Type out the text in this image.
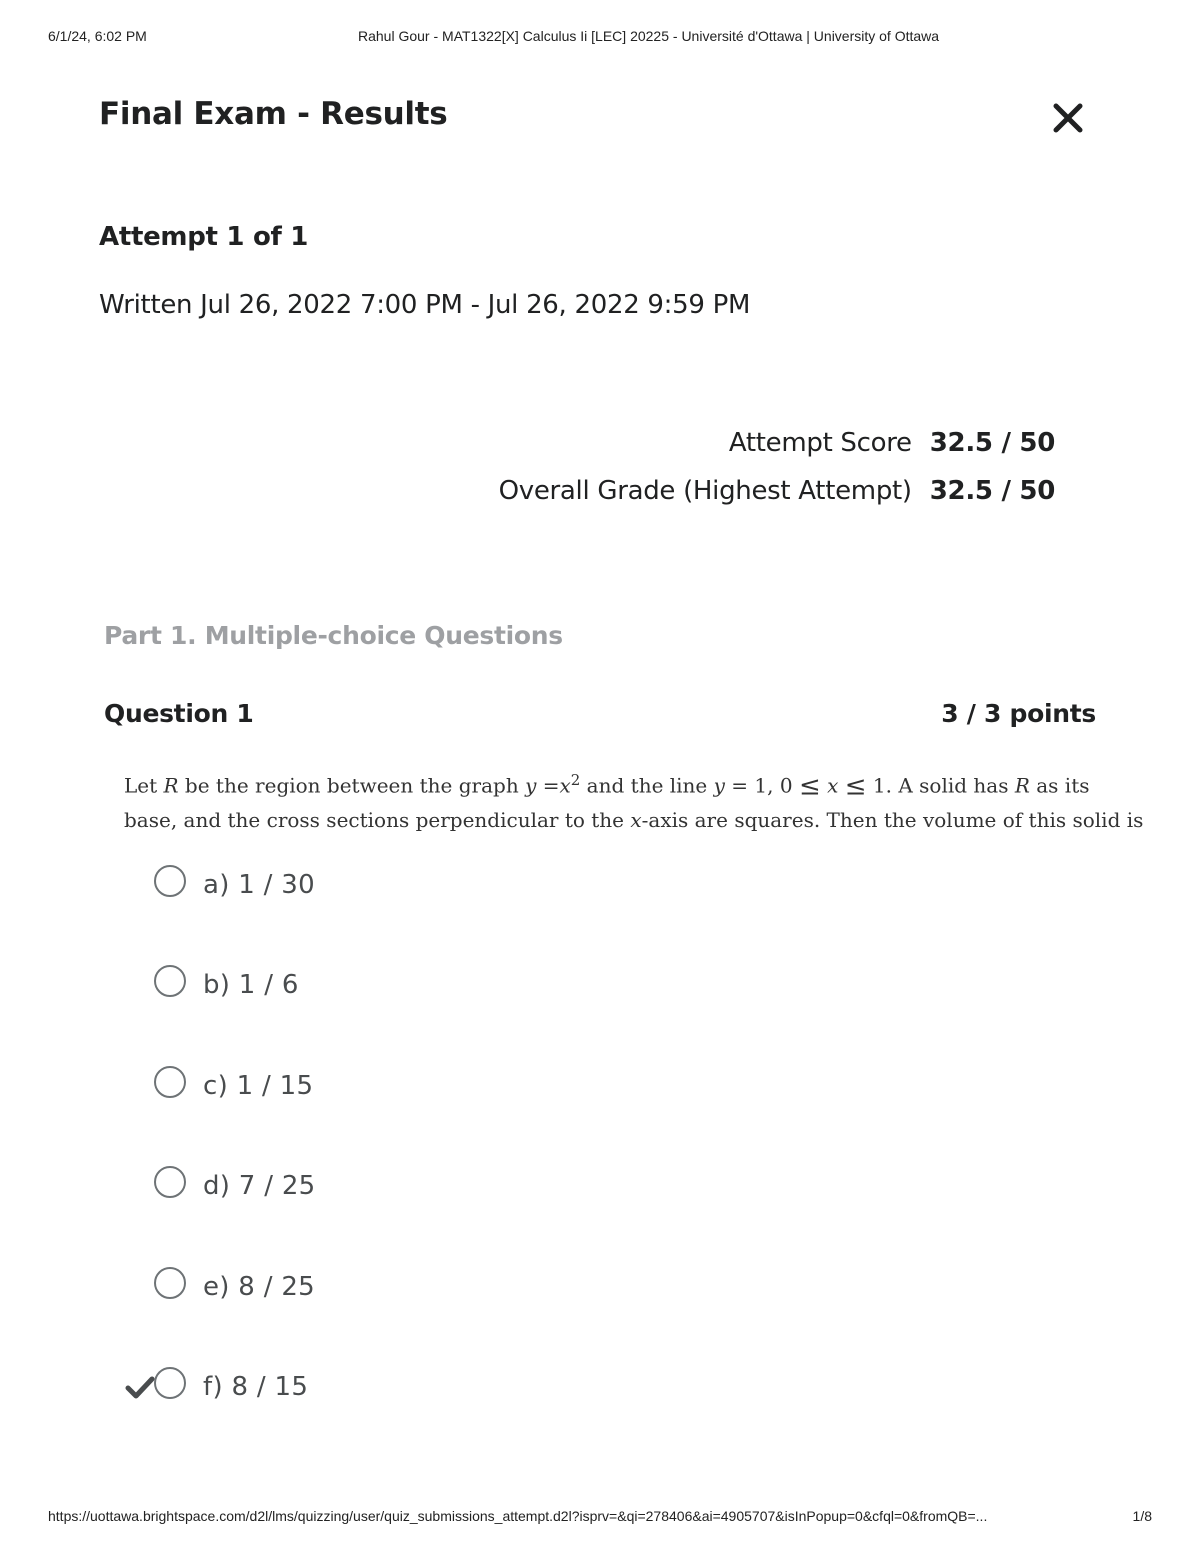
6/1/24, 6:02 PM	Rahul Gour - MAT1322[X] Calculus Ii [LEC] 20225 - Université d'Ottawa | University of Ottawa
Final Exam - Results
Attempt 1 of 1
Written Jul 26, 2022 7:00 PM - Jul 26, 2022 9:59 PM
Attempt Score	32.5 / 50
Overall Grade (Highest Attempt)	32.5 / 50
Part 1. Multiple-choice Questions
Question 1	3 / 3 points
Let R be the region between the graph $y =x^2$ and the line y = 1, 0 ≤ x ≤ 1. A solid has R as its
base, and the cross sections perpendicular to the x-axis are squares. Then the volume of this solid is
a) 1 / 30
b) 1 / 6
c) 1 / 15
d) 7 / 25
e) 8 / 25
f) 8 / 15
https://uottawa.brightspace.com/d2l/lms/quizzing/user/quiz_submissions_attempt.d2l?isprv=&qi=278406&ai=4905707&isInPopup=0&cfql=0&fromQB=...	1/8
